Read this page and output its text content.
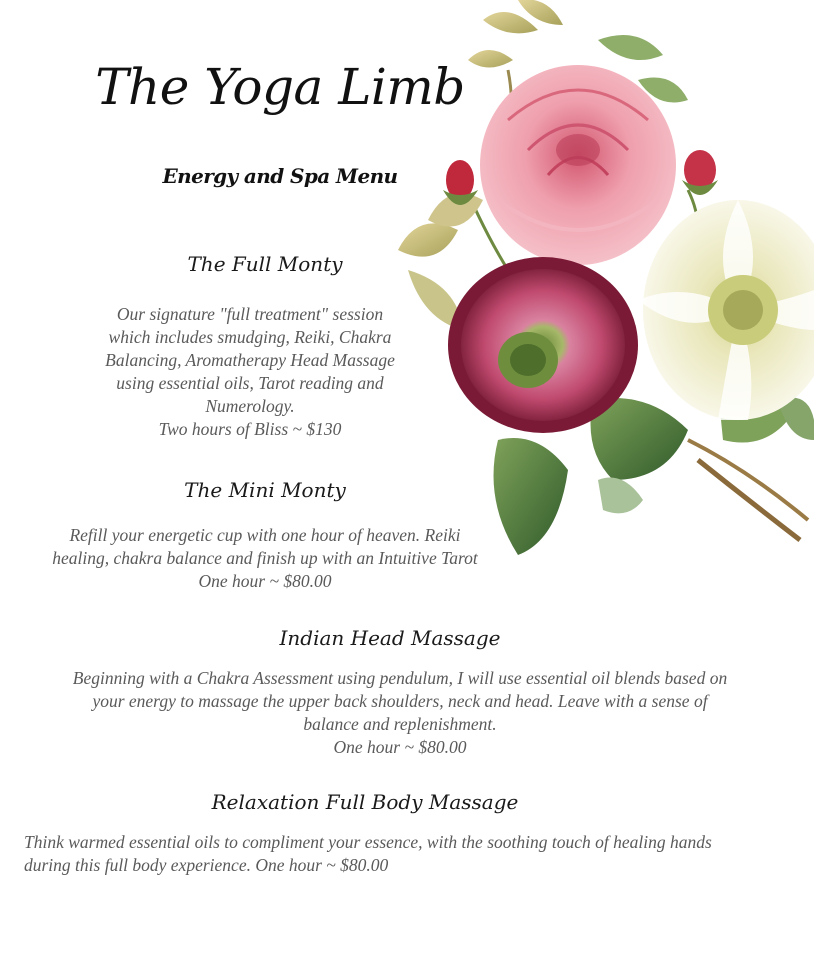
The Yoga Limb
Energy and Spa Menu
The Full Monty

Our signature "full treatment" session
which includes smudging, Reiki, Chakra
Balancing, Aromatherapy Head Massage
using essential oils, Tarot reading and
Numerology.
Two hours of Bliss ~ $130

The Mini Monty

Refill your energetic cup with one hour of heaven. Reiki
healing, chakra balance and finish up with an Intuitive Tarot
One hour ~ $80.00

Indian Head Massage

Beginning with a Chakra Assessment using pendulum, I will use essential oil blends based on
your energy to massage the upper back shoulders, neck and head. Leave with a sense of
balance and replenishment.
One hour ~ $80.00

Relaxation Full Body Massage

Think warmed essential oils to compliment your essence, with the soothing touch of healing hands
during this full body experience. One hour ~ $80.00
